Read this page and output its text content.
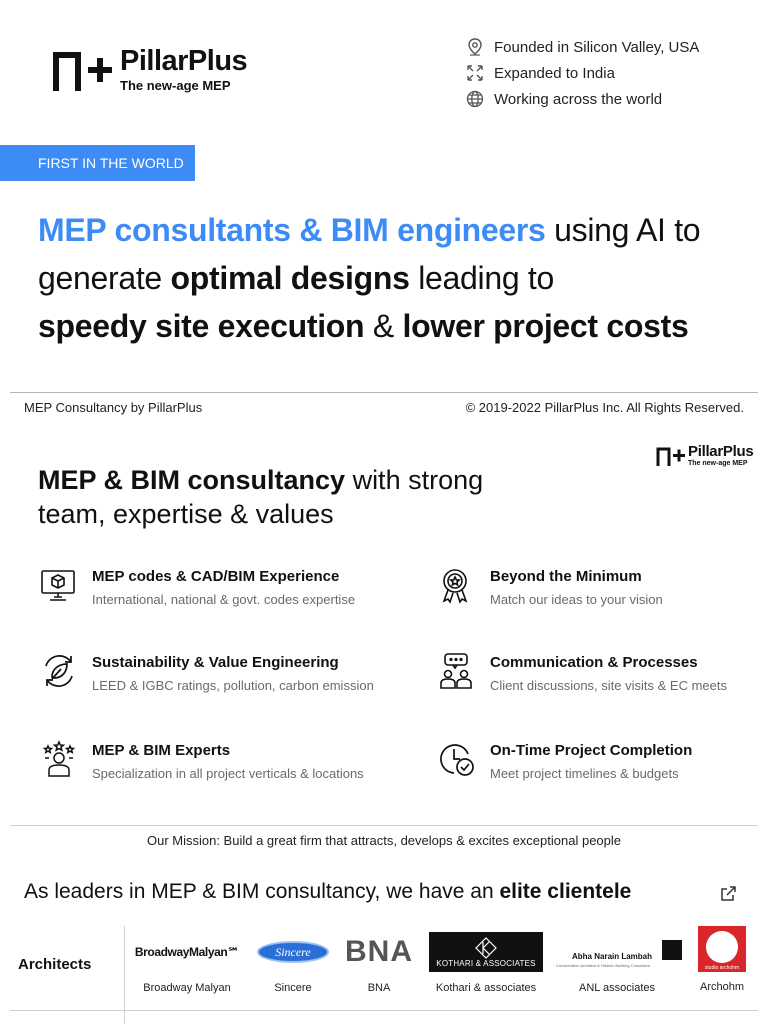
PillarPlus
The new-age MEP
Founded in Silicon Valley, USA
Expanded to India
Working across the world
FIRST IN THE WORLD
MEP consultants & BIM engineers using AI to generate optimal designs leading to
speedy site execution & lower project costs
MEP Consultancy by PillarPlus	© 2019-2022 PillarPlus Inc. All Rights Reserved.
PillarPlus
The new-age MEP
MEP & BIM consultancy with strong team, expertise & values
MEP codes & CAD/BIM Experience
International, national & govt. codes expertise
Beyond the Minimum
Match our ideas to your vision
Sustainability & Value Engineering
LEED & IGBC ratings, pollution, carbon emission
Communication & Processes
Client discussions, site visits & EC meets
MEP & BIM Experts
Specialization in all project verticals & locations
On-Time Project Completion
Meet project timelines & budgets
Our Mission: Build a great firm that attracts, develops & excites exceptional people
As leaders in MEP & BIM consultancy, we have an elite clientele
Architects
BroadwayMalyan℠
Broadway Malyan
Sincere
Sincere
BNA
BNA
KOTHARI & ASSOCIATES
Kothari & associates
Abha Narain Lambah
Conservation Architect & Historic Building Consultant
ANL associates
studio archohm
Archohm
